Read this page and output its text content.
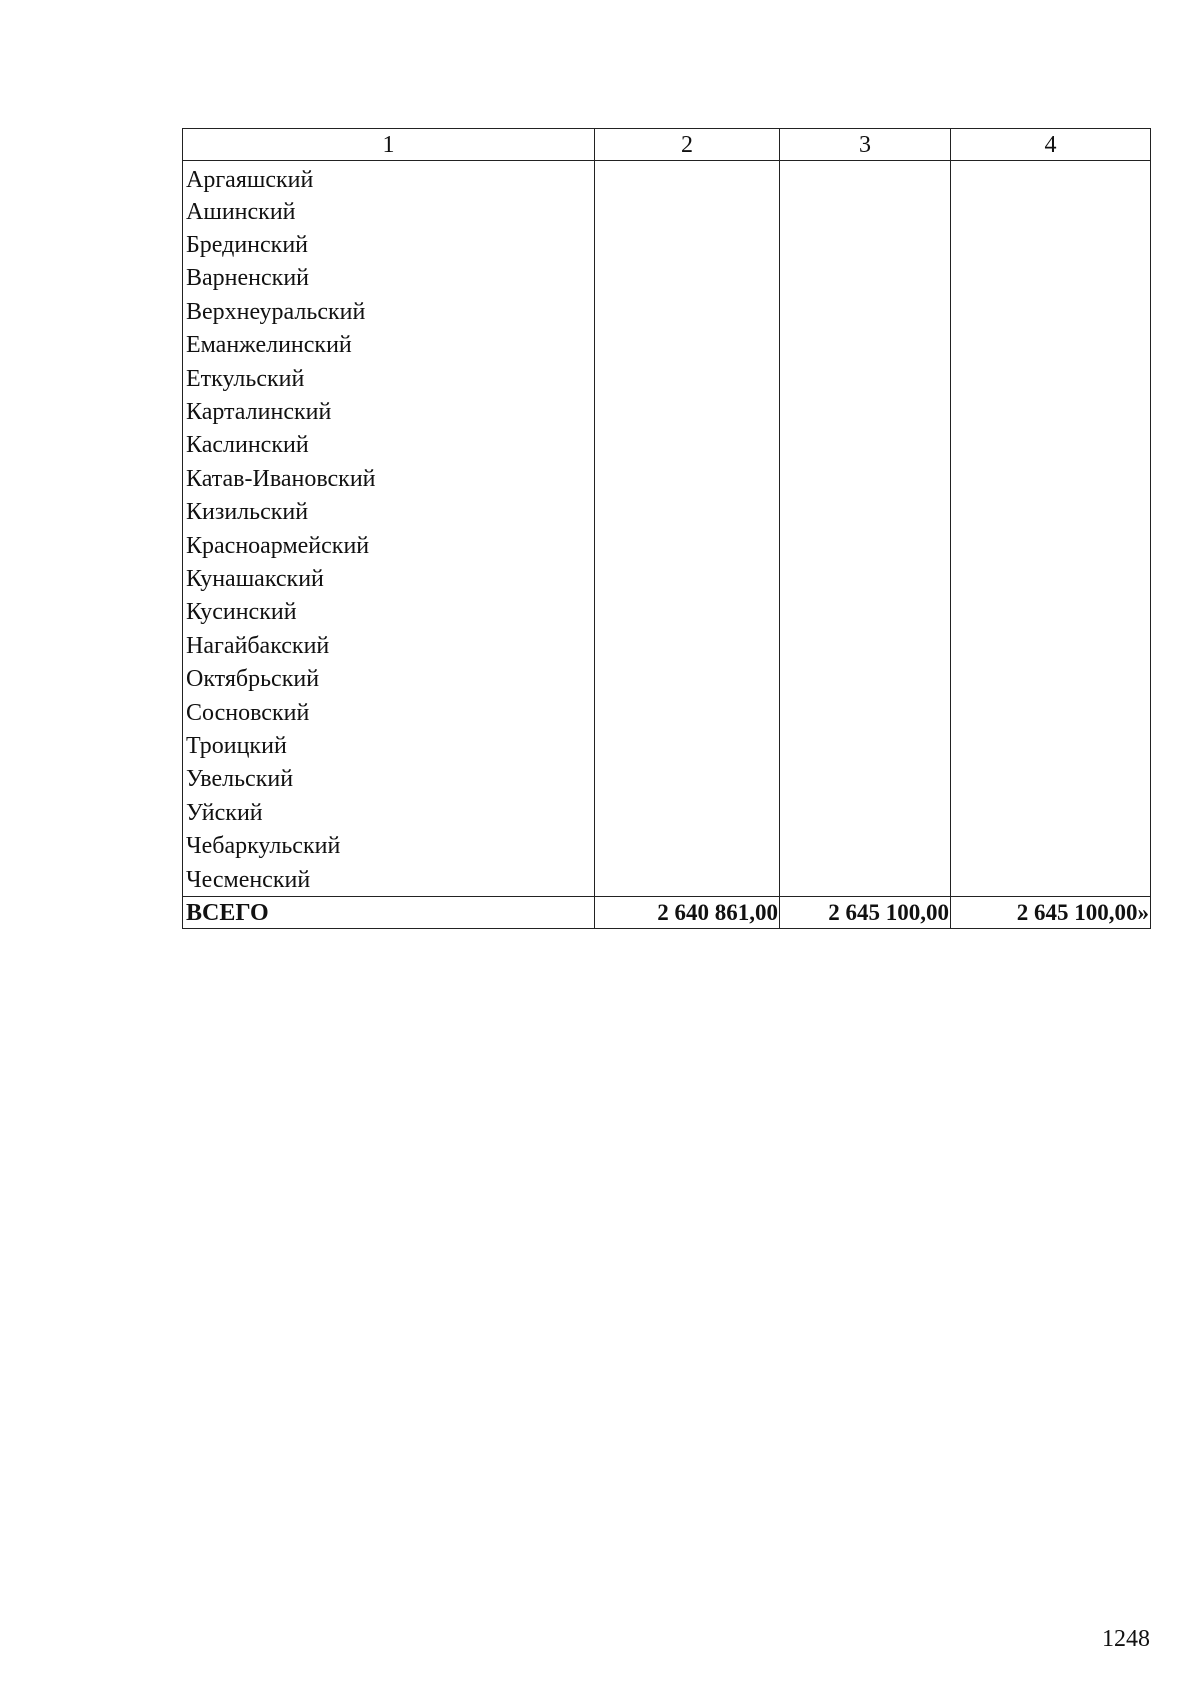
1	2	3	4
Аргаяшский			
Ашинский			
Брединский			
Варненский			
Верхнеуральский			
Еманжелинский			
Еткульский			
Карталинский			
Каслинский			
Катав-Ивановский			
Кизильский			
Красноармейский			
Кунашакский			
Кусинский			
Нагайбакский			
Октябрьский			
Сосновский			
Троицкий			
Увельский			
Уйский			
Чебаркульский			
Чесменский			
ВСЕГО	2 640 861,00	2 645 100,00	2 645 100,00»
1248
